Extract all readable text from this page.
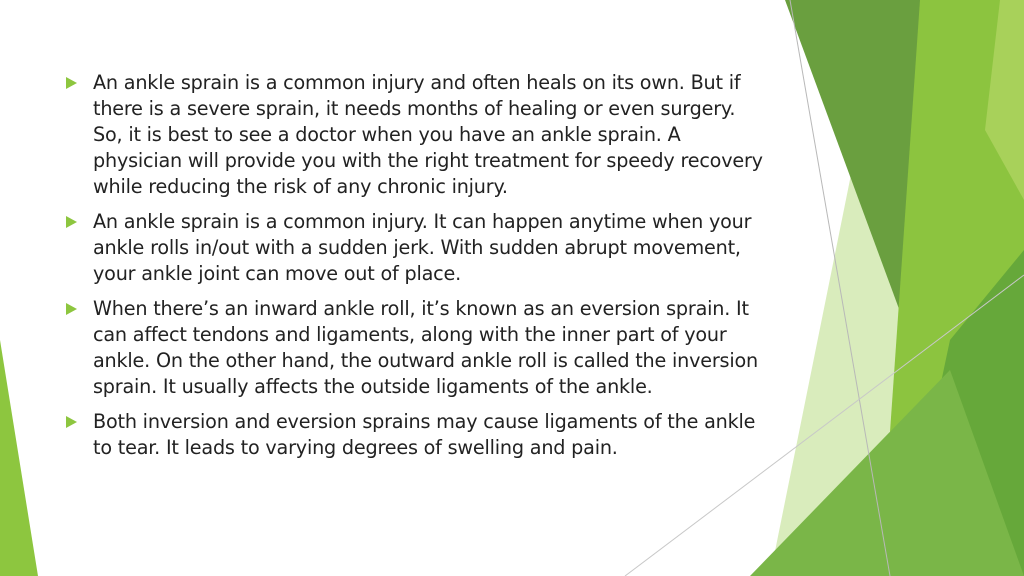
An ankle sprain is a common injury and often heals on its own. But if there is a severe sprain, it needs months of healing or even surgery. So, it is best to see a doctor when you have an ankle sprain. A physician will provide you with the right treatment for speedy recovery while reducing the risk of any chronic injury.
An ankle sprain is a common injury. It can happen anytime when your ankle rolls in/out with a sudden jerk. With sudden abrupt movement, your ankle joint can move out of place.
When there’s an inward ankle roll, it’s known as an eversion sprain. It can affect tendons and ligaments, along with the inner part of your ankle. On the other hand, the outward ankle roll is called the inversion sprain. It usually affects the outside ligaments of the ankle.
Both inversion and eversion sprains may cause ligaments of the ankle to tear. It leads to varying degrees of swelling and pain.
